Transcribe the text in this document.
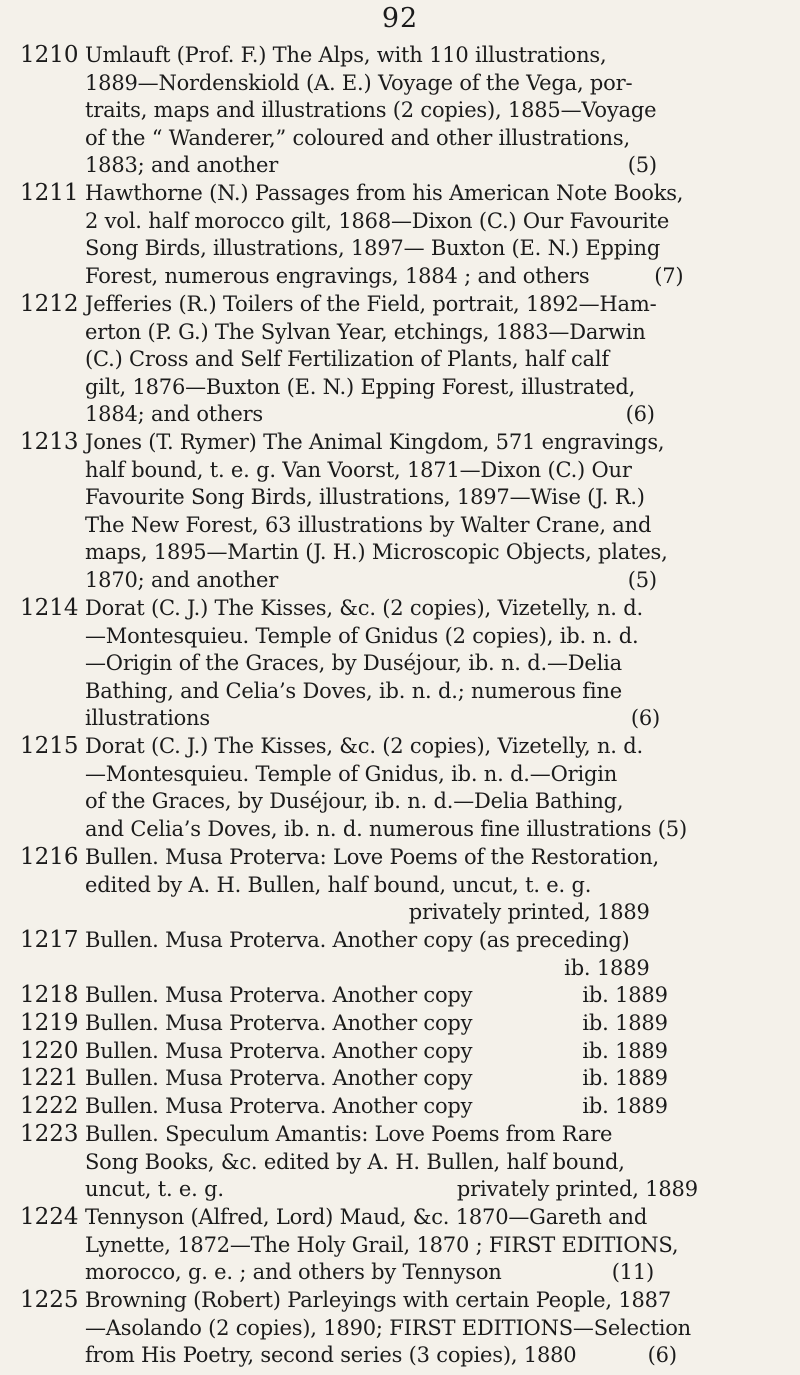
92
1210 Umlauft (Prof. F.) The Alps, with 110 illustrations,
1889—Nordenskiold (A. E.) Voyage of the Vega, por-
traits, maps and illustrations (2 copies), 1885—Voyage
of the “ Wanderer,” coloured and other illustrations,
1883; and another                                                      (5)
1211 Hawthorne (N.) Passages from his American Note Books,
2 vol. half morocco gilt, 1868—Dixon (C.) Our Favourite
Song Birds, illustrations, 1897— Buxton (E. N.) Epping
Forest, numerous engravings, 1884 ; and others          (7)
1212 Jefferies (R.) Toilers of the Field, portrait, 1892—Ham-
erton (P. G.) The Sylvan Year, etchings, 1883—Darwin
(C.) Cross and Self Fertilization of Plants, half calf
gilt, 1876—Buxton (E. N.) Epping Forest, illustrated,
1884; and others                                                        (6)
1213 Jones (T. Rymer) The Animal Kingdom, 571 engravings,
half bound, t. e. g. Van Voorst, 1871—Dixon (C.) Our
Favourite Song Birds, illustrations, 1897—Wise (J. R.)
The New Forest, 63 illustrations by Walter Crane, and
maps, 1895—Martin (J. H.) Microscopic Objects, plates,
1870; and another                                                      (5)
1214 Dorat (C. J.) The Kisses, &c. (2 copies), Vizetelly, n. d.
—Montesquieu. Temple of Gnidus (2 copies), ib. n. d.
—Origin of the Graces, by Duséjour, ib. n. d.—Delia
Bathing, and Celia’s Doves, ib. n. d.; numerous fine
illustrations                                                                 (6)
1215 Dorat (C. J.) The Kisses, &c. (2 copies), Vizetelly, n. d.
—Montesquieu. Temple of Gnidus, ib. n. d.—Origin
of the Graces, by Duséjour, ib. n. d.—Delia Bathing,
and Celia’s Doves, ib. n. d. numerous fine illustrations (5)
1216 Bullen. Musa Proterva: Love Poems of the Restoration,
edited by A. H. Bullen, half bound, uncut, t. e. g.
privately printed, 1889
1217 Bullen. Musa Proterva. Another copy (as preceding)
ib. 1889
1218 Bullen. Musa Proterva. Another copy                 ib. 1889
1219 Bullen. Musa Proterva. Another copy                 ib. 1889
1220 Bullen. Musa Proterva. Another copy                 ib. 1889
1221 Bullen. Musa Proterva. Another copy                 ib. 1889
1222 Bullen. Musa Proterva. Another copy                 ib. 1889
1223 Bullen. Speculum Amantis: Love Poems from Rare
Song Books, &c. edited by A. H. Bullen, half bound,
uncut, t. e. g.                                    privately printed, 1889
1224 Tennyson (Alfred, Lord) Maud, &c. 1870—Gareth and
Lynette, 1872—The Holy Grail, 1870 ; FIRST EDITIONS,
morocco, g. e. ; and others by Tennyson                 (11)
1225 Browning (Robert) Parleyings with certain People, 1887
—Asolando (2 copies), 1890; FIRST EDITIONS—Selection
from His Poetry, second series (3 copies), 1880           (6)
